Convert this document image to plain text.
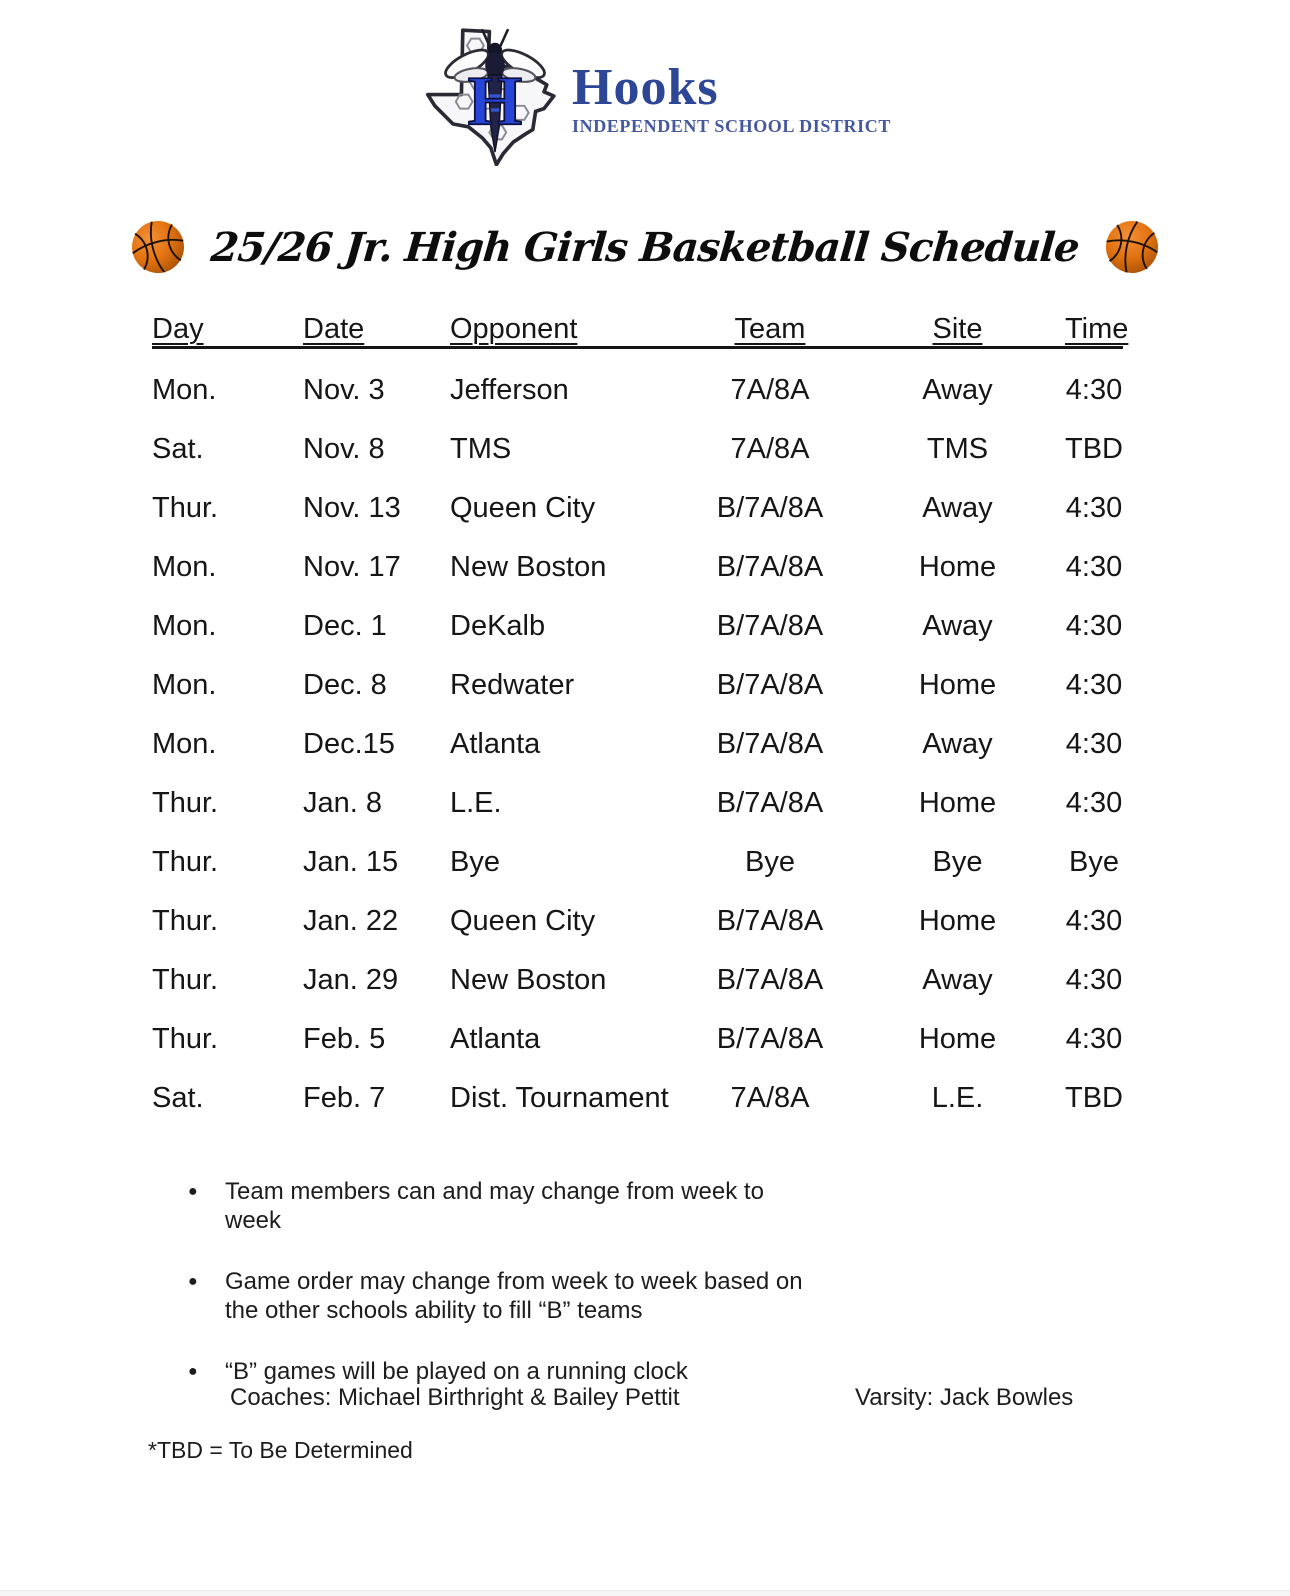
H Hooks
INDEPENDENT SCHOOL DISTRICT
25/26 Jr. High Girls Basketball Schedule
Day	Date	Opponent	Team	Site	Time
Mon.	Nov. 3	Jefferson	7A/8A	Away	4:30
Sat.	Nov. 8	TMS	7A/8A	TMS	TBD
Thur.	Nov. 13	Queen City	B/7A/8A	Away	4:30
Mon.	Nov. 17	New Boston	B/7A/8A	Home	4:30
Mon.	Dec. 1	DeKalb	B/7A/8A	Away	4:30
Mon.	Dec. 8	Redwater	B/7A/8A	Home	4:30
Mon.	Dec.15	Atlanta	B/7A/8A	Away	4:30
Thur.	Jan. 8	L.E.	B/7A/8A	Home	4:30
Thur.	Jan. 15	Bye	Bye	Bye	Bye
Thur.	Jan. 22	Queen City	B/7A/8A	Home	4:30
Thur.	Jan. 29	New Boston	B/7A/8A	Away	4:30
Thur.	Feb. 5	Atlanta	B/7A/8A	Home	4:30
Sat.	Feb. 7	Dist. Tournament	7A/8A	L.E.	TBD
● Team members can and may change from week to week
● Game order may change from week to week based on the other schools ability to fill “B” teams
● “B” games will be played on a running clock
Coaches: Michael Birthright & Bailey Pettit	Varsity: Jack Bowles
*TBD = To Be Determined
